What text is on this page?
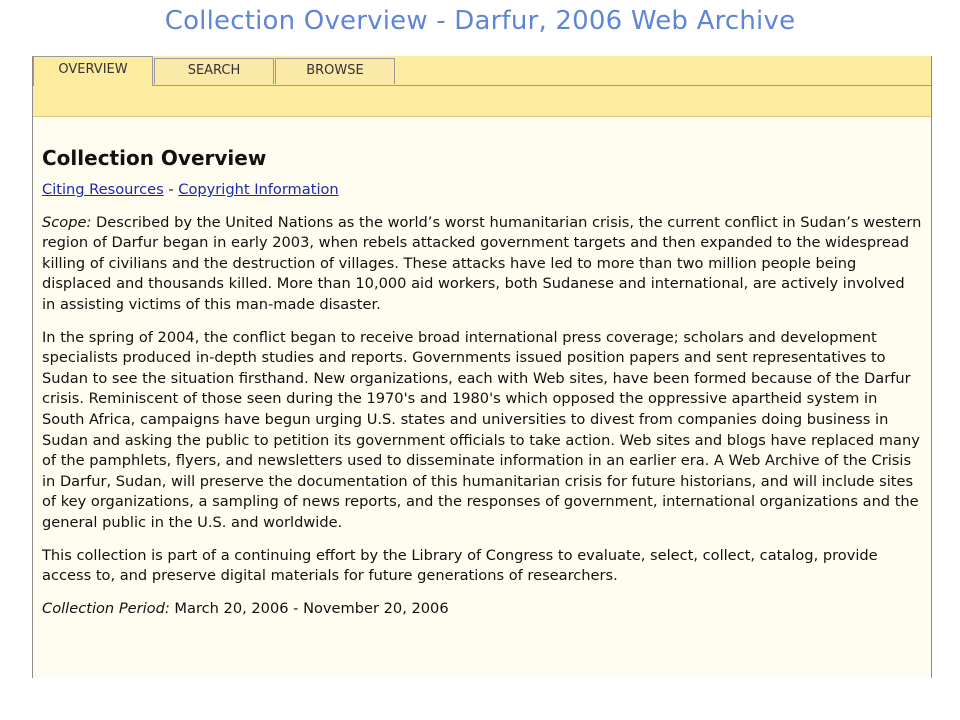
Collection Overview - Darfur, 2006 Web Archive
OVERVIEW	SEARCH	BROWSE
Collection Overview
Citing Resources - Copyright Information

Scope: Described by the United Nations as the world’s worst humanitarian crisis, the current conflict in Sudan’s western region of Darfur began in early 2003, when rebels attacked government targets and then expanded to the widespread killing of civilians and the destruction of villages. These attacks have led to more than two million people being displaced and thousands killed. More than 10,000 aid workers, both Sudanese and international, are actively involved in assisting victims of this man-made disaster.

In the spring of 2004, the conflict began to receive broad international press coverage; scholars and development specialists produced in-depth studies and reports. Governments issued position papers and sent representatives to Sudan to see the situation firsthand. New organizations, each with Web sites, have been formed because of the Darfur crisis. Reminiscent of those seen during the 1970's and 1980's which opposed the oppressive apartheid system in South Africa, campaigns have begun urging U.S. states and universities to divest from companies doing business in Sudan and asking the public to petition its government officials to take action. Web sites and blogs have replaced many of the pamphlets, flyers, and newsletters used to disseminate information in an earlier era. A Web Archive of the Crisis in Darfur, Sudan, will preserve the documentation of this humanitarian crisis for future historians, and will include sites of key organizations, a sampling of news reports, and the responses of government, international organizations and the general public in the U.S. and worldwide.

This collection is part of a continuing effort by the Library of Congress to evaluate, select, collect, catalog, provide access to, and preserve digital materials for future generations of researchers.

Collection Period: March 20, 2006 - November 20, 2006
